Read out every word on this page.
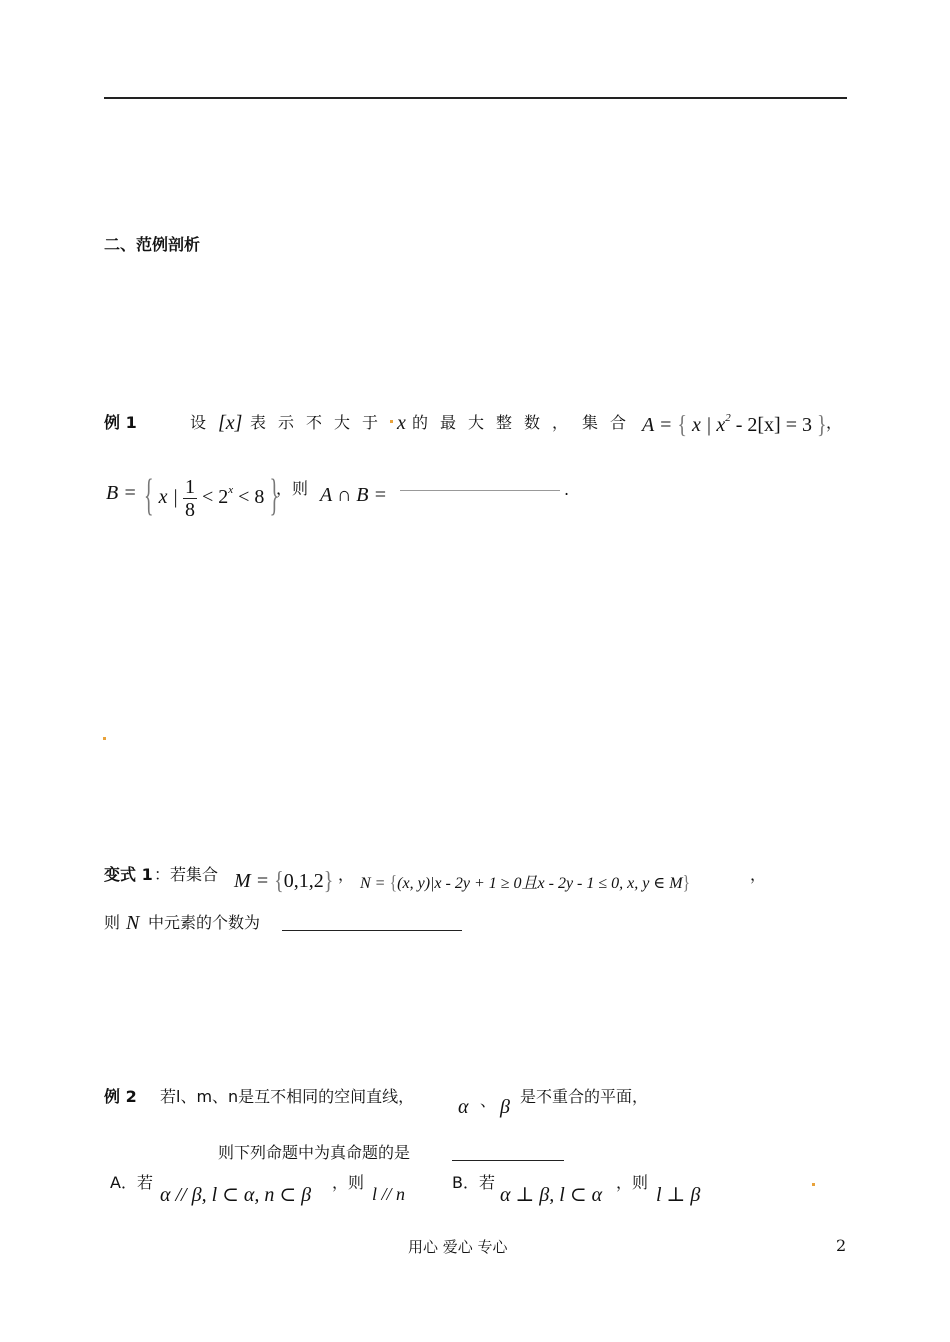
二、范例剖析
例 1	设 [x] 表示不大于 x 的最大整数， 集合 A = { x | $x^2 - 2[x] = 3$ } ，
B = { x | $\frac{1}{8} < 2^x < 8$ }
，则 A ∩ B =	.
变式 1 ：若集合 M = {0,1,2} ， N = {(x, y)|x - 2y + 1 ≥ 0且x - 2y - 1 ≤ 0, x, y ∈ M}	，
则 N 中元素的个数为
例 2 若l、m、n是互不相同的空间直线， α 、 β 是不重合的平面，
则下列命题中为真命题的是
A．若
α // β, l ⊂ α, n ⊂ β
，则
l // n
B．若
α ⊥ β, l ⊂ α
，则
l ⊥ β
用心 爱心 专心	2
